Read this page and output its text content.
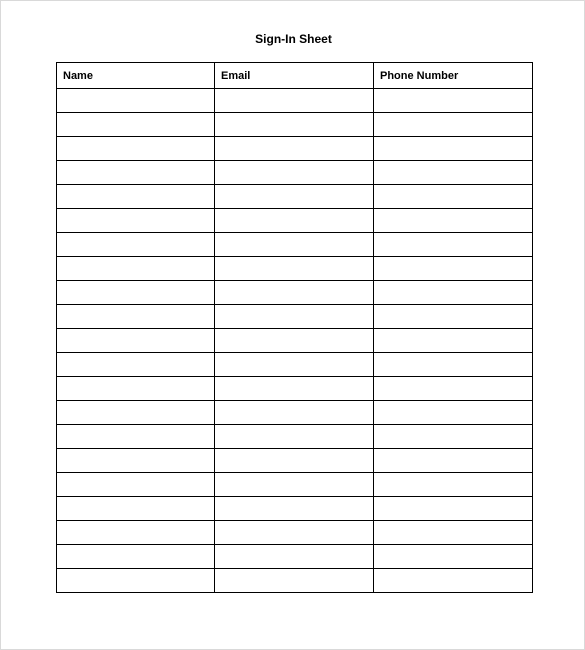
Sign-In Sheet
Name	Email	Phone Number
